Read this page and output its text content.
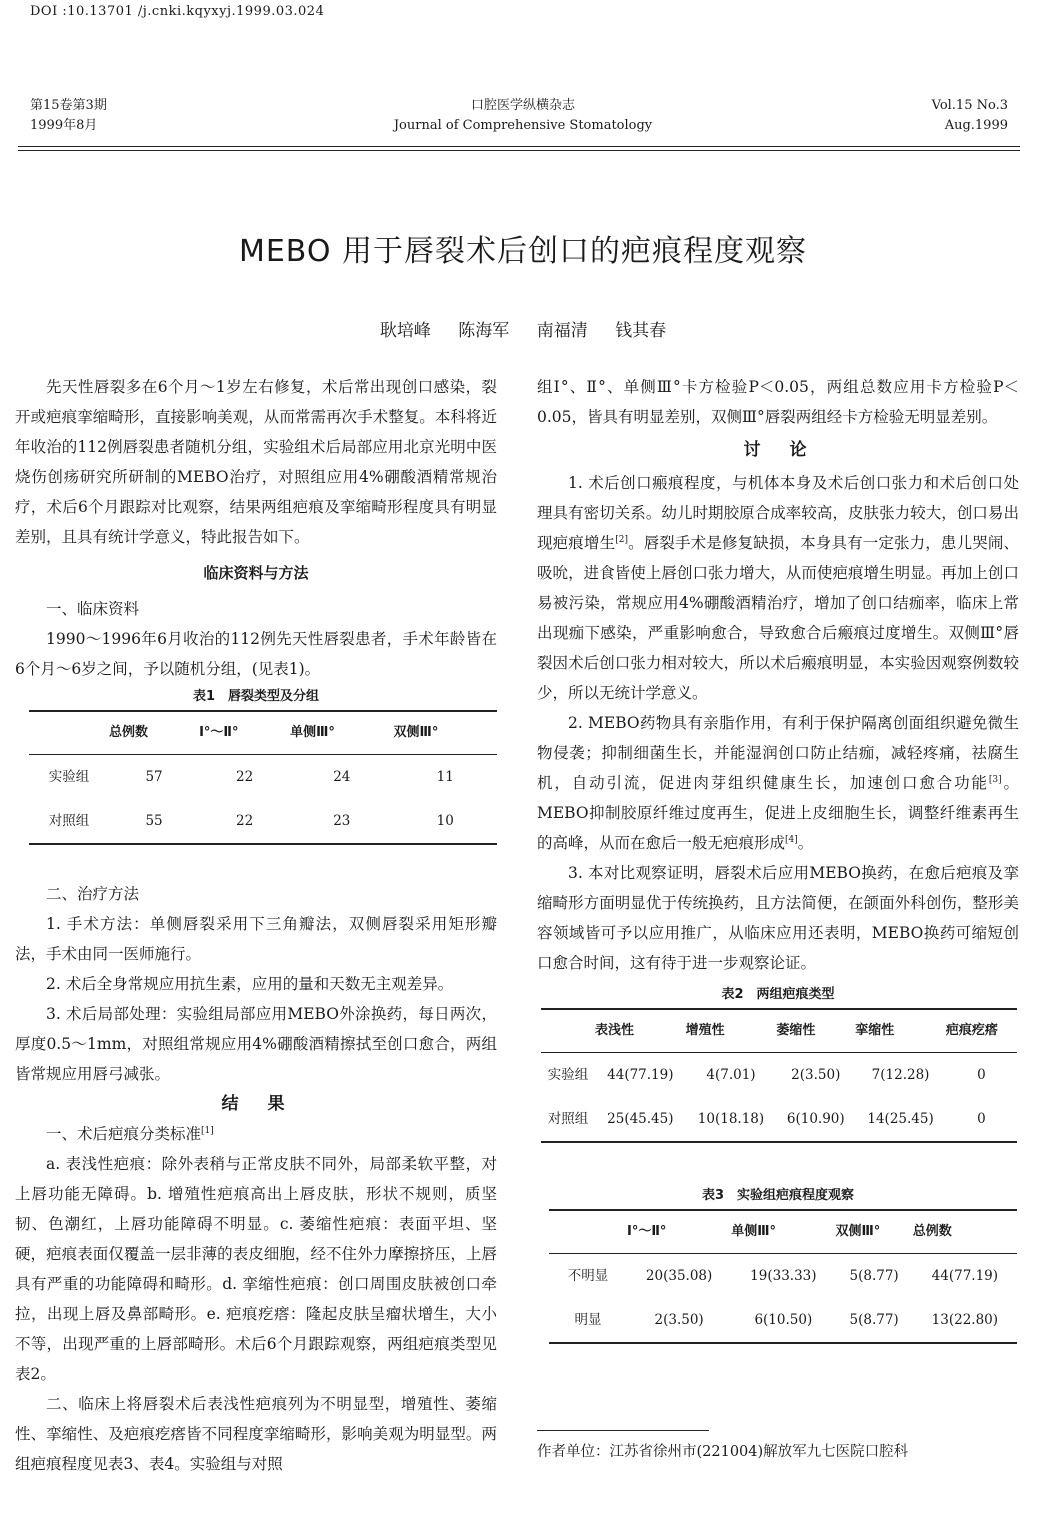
DOI :10.13701 /j.cnki.kqyxyj.1999.03.024
第15卷第3期
1999年8月
口腔医学纵横杂志
Journal of Comprehensive Stomatology
Vol.15 No.3
Aug.1999
MEBO 用于唇裂术后创口的疤痕程度观察
耿培峰 陈海军 南福清 钱其春

先天性唇裂多在6个月～1岁左右修复，术后常出现创口感染，裂开或疤痕挛缩畸形，直接影响美观，从而常需再次手术整复。本科将近年收治的112例唇裂患者随机分组，实验组术后局部应用北京光明中医烧伤创疡研究所研制的MEBO治疗，对照组应用4%硼酸酒精常规治疗，术后6个月跟踪对比观察，结果两组疤痕及挛缩畸形程度具有明显差别，且具有统计学意义，特此报告如下。

临床资料与方法

一、临床资料

1990～1996年6月收治的112例先天性唇裂患者，手术年龄皆在6个月～6岁之间，予以随机分组，(见表1)。

表1　唇裂类型及分组
	总例数	Ⅰ°～Ⅱ°	单侧Ⅲ°	双侧Ⅲ°
实验组	57	22	24	11
对照组	55	22	23	10

二、治疗方法

1. 手术方法：单侧唇裂采用下三角瓣法，双侧唇裂采用矩形瓣法，手术由同一医师施行。

2. 术后全身常规应用抗生素，应用的量和天数无主观差异。

3. 术后局部处理：实验组局部应用MEBO外涂换药，每日两次，厚度0.5～1mm，对照组常规应用4%硼酸酒精擦拭至创口愈合，两组皆常规应用唇弓减张。

结　果

一、术后疤痕分类标准[1]

a. 表浅性疤痕：除外表稍与正常皮肤不同外，局部柔软平整，对上唇功能无障碍。b. 增殖性疤痕高出上唇皮肤，形状不规则，质坚韧、色潮红，上唇功能障碍不明显。c. 萎缩性疤痕：表面平坦、坚硬，疤痕表面仅覆盖一层非薄的表皮细胞，经不住外力摩擦挤压，上唇具有严重的功能障碍和畸形。d. 挛缩性疤痕：创口周围皮肤被创口牵拉，出现上唇及鼻部畸形。e. 疤痕疙瘩：隆起皮肤呈瘤状增生，大小不等，出现严重的上唇部畸形。术后6个月跟踪观察，两组疤痕类型见表2。

二、临床上将唇裂术后表浅性疤痕列为不明显型，增殖性、萎缩性、挛缩性、及疤痕疙瘩皆不同程度挛缩畸形，影响美观为明显型。两组疤痕程度见表3、表4。实验组与对照

组Ⅰ°、Ⅱ°、单侧Ⅲ°卡方检验P＜0.05，两组总数应用卡方检验P＜0.05，皆具有明显差别，双侧Ⅲ°唇裂两组经卡方检验无明显差别。

讨　论

1. 术后创口瘢痕程度，与机体本身及术后创口张力和术后创口处理具有密切关系。幼儿时期胶原合成率较高，皮肤张力较大，创口易出现疤痕增生[2]。唇裂手术是修复缺损，本身具有一定张力，患儿哭闹、吸吮，进食皆使上唇创口张力增大，从而使疤痕增生明显。再加上创口易被污染，常规应用4%硼酸酒精治疗，增加了创口结痂率，临床上常出现痂下感染，严重影响愈合，导致愈合后瘢痕过度增生。双侧Ⅲ°唇裂因术后创口张力相对较大，所以术后瘢痕明显，本实验因观察例数较少，所以无统计学意义。

2. MEBO药物具有亲脂作用，有利于保护隔离创面组织避免微生物侵袭；抑制细菌生长，并能湿润创口防止结痂，减轻疼痛，祛腐生机，自动引流，促进肉芽组织健康生长，加速创口愈合功能[3]。MEBO抑制胶原纤维过度再生，促进上皮细胞生长，调整纤维素再生的高峰，从而在愈后一般无疤痕形成[4]。

3. 本对比观察证明，唇裂术后应用MEBO换药，在愈后疤痕及挛缩畸形方面明显优于传统换药，且方法简便，在颌面外科创伤，整形美容领域皆可予以应用推广，从临床应用还表明，MEBO换药可缩短创口愈合时间，这有待于进一步观察论证。

表2　两组疤痕类型
	表浅性	增殖性	萎缩性	挛缩性	疤痕疙瘩
实验组	44(77.19)	4(7.01)	2(3.50)	7(12.28)	0
对照组	25(45.45)	10(18.18)	6(10.90)	14(25.45)	0
表3　实验组疤痕程度观察
	Ⅰ°～Ⅱ°	单侧Ⅲ°	双侧Ⅲ°	总例数
不明显	20(35.08)	19(33.33)	5(8.77)	44(77.19)
明显	2(3.50)	6(10.50)	5(8.77)	13(22.80)
作者单位：江苏省徐州市(221004)解放军九七医院口腔科
